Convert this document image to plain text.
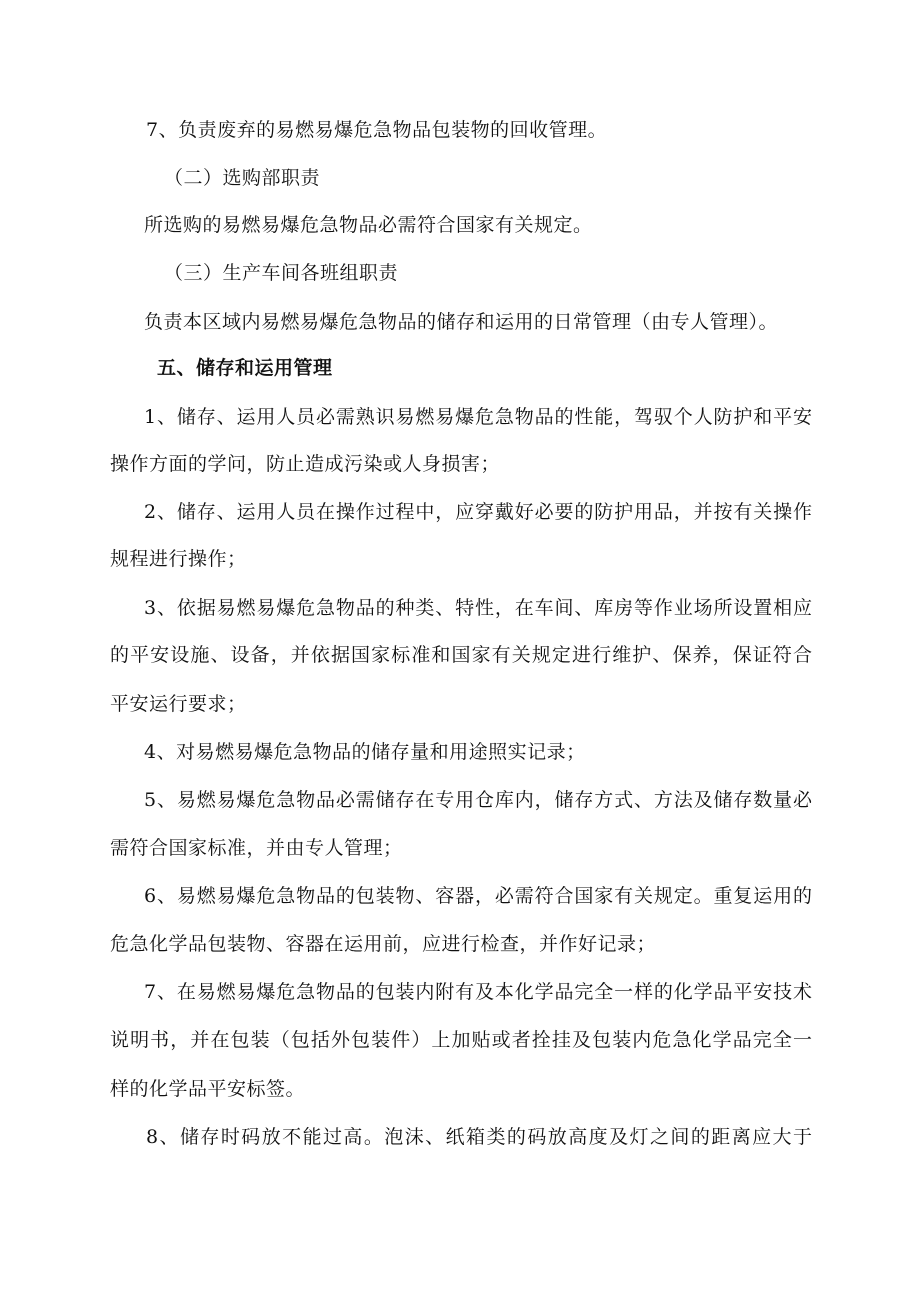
7、负责废弃的易燃易爆危急物品包装物的回收管理。

（二）选购部职责

所选购的易燃易爆危急物品必需符合国家有关规定。

（三）生产车间各班组职责

负责本区域内易燃易爆危急物品的储存和运用的日常管理（由专人管理）。

五、储存和运用管理

1、储存、运用人员必需熟识易燃易爆危急物品的性能，驾驭个人防护和平安

操作方面的学问，防止造成污染或人身损害；

2、储存、运用人员在操作过程中，应穿戴好必要的防护用品，并按有关操作

规程进行操作；

3、依据易燃易爆危急物品的种类、特性，在车间、库房等作业场所设置相应

的平安设施、设备，并依据国家标准和国家有关规定进行维护、保养，保证符合

平安运行要求；

4、对易燃易爆危急物品的储存量和用途照实记录；

5、易燃易爆危急物品必需储存在专用仓库内，储存方式、方法及储存数量必

需符合国家标准，并由专人管理；

6、易燃易爆危急物品的包装物、容器，必需符合国家有关规定。重复运用的

危急化学品包装物、容器在运用前，应进行检查，并作好记录；

7、在易燃易爆危急物品的包装内附有及本化学品完全一样的化学品平安技术

说明书，并在包装（包括外包装件）上加贴或者拴挂及包装内危急化学品完全一

样的化学品平安标签。

8、储存时码放不能过高。泡沫、纸箱类的码放高度及灯之间的距离应大于
